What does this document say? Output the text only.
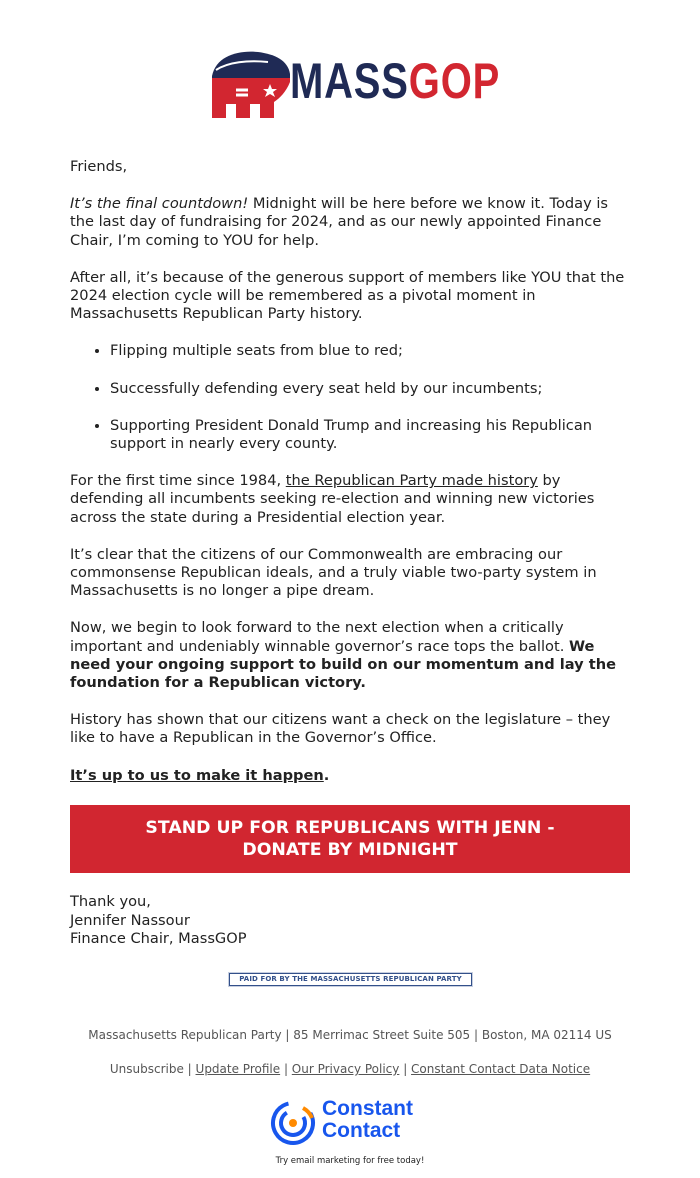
MASSGOP

Friends,

It’s the final countdown! Midnight will be here before we know it. Today is the last day of fundraising for 2024, and as our newly appointed Finance Chair, I’m coming to YOU for help.

After all, it’s because of the generous support of members like YOU that the 2024 election cycle will be remembered as a pivotal moment in Massachusetts Republican Party history.

• Flipping multiple seats from blue to red;
• Successfully defending every seat held by our incumbents;
• Supporting President Donald Trump and increasing his Republican support in nearly every county.

For the first time since 1984, the Republican Party made history by defending all incumbents seeking re-election and winning new victories across the state during a Presidential election year.

It’s clear that the citizens of our Commonwealth are embracing our commonsense Republican ideals, and a truly viable two-party system in Massachusetts is no longer a pipe dream.

Now, we begin to look forward to the next election when a critically important and undeniably winnable governor’s race tops the ballot. We need your ongoing support to build on our momentum and lay the foundation for a Republican victory.

History has shown that our citizens want a check on the legislature – they like to have a Republican in the Governor’s Office.

It’s up to us to make it happen.

STAND UP FOR REPUBLICANS WITH JENN -
DONATE BY MIDNIGHT
Thank you,
Jennifer Nassour
Finance Chair, MassGOP
PAID FOR BY THE MASSACHUSETTS REPUBLICAN PARTY
Massachusetts Republican Party | 85 Merrimac Street Suite 505 | Boston, MA 02114 US
Unsubscribe | Update Profile | Our Privacy Policy | Constant Contact Data Notice
Constant
Contact
Try email marketing for free today!
